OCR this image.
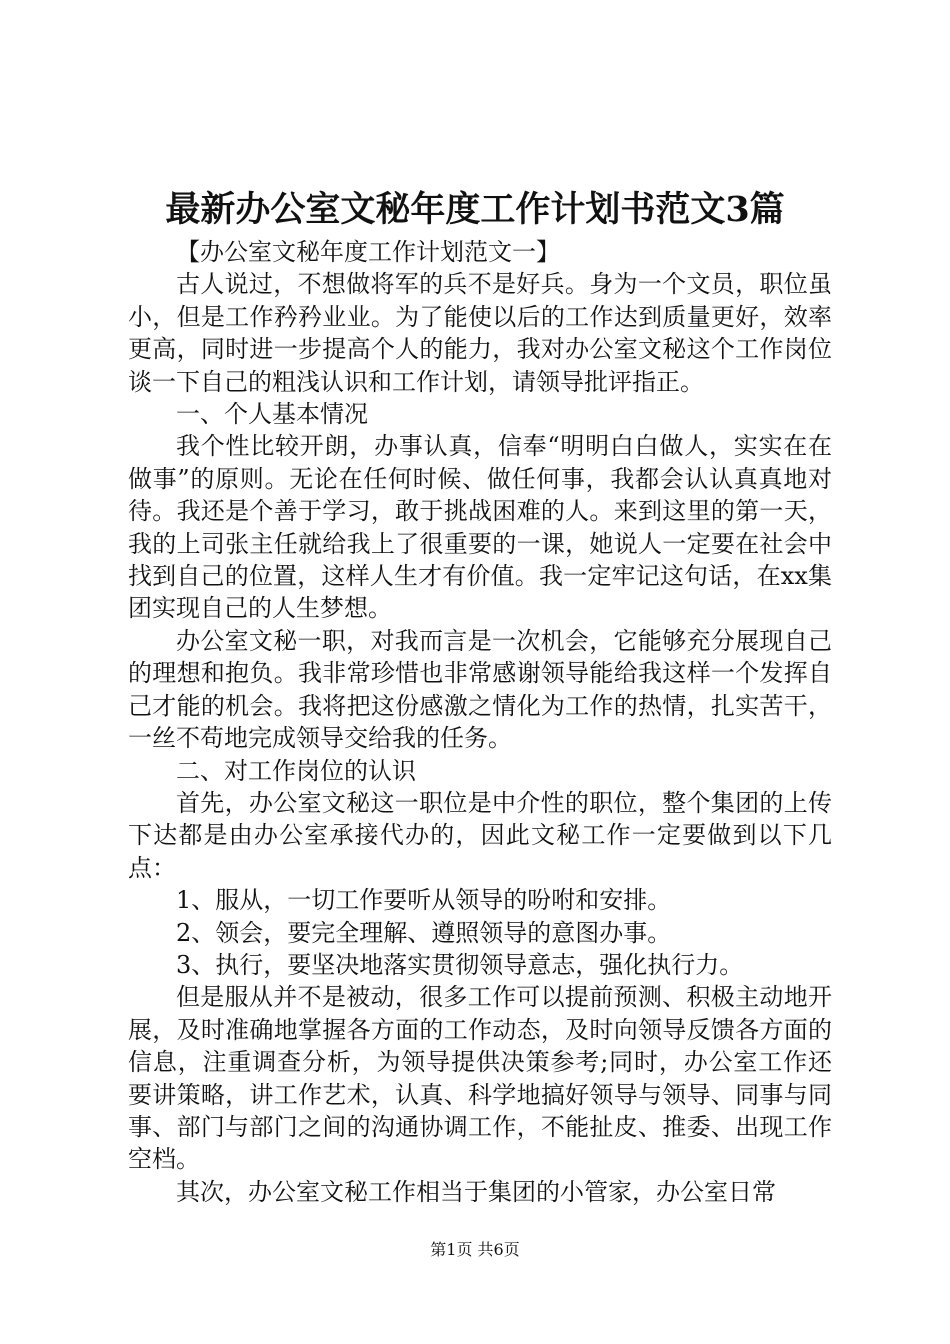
最新办公室文秘年度工作计划书范文3篇

【办公室文秘年度工作计划范文一】

古人说过，不想做将军的兵不是好兵。身为一个文员，职位虽小，但是工作矜矜业业。为了能使以后的工作达到质量更好，效率更高，同时进一步提高个人的能力，我对办公室文秘这个工作岗位谈一下自己的粗浅认识和工作计划，请领导批评指正。

一、个人基本情况

我个性比较开朗，办事认真，信奉“明明白白做人，实实在在做事”的原则。无论在任何时候、做任何事，我都会认认真真地对待。我还是个善于学习，敢于挑战困难的人。来到这里的第一天，我的上司张主任就给我上了很重要的一课，她说人一定要在社会中找到自己的位置，这样人生才有价值。我一定牢记这句话，在xx集团实现自己的人生梦想。

办公室文秘一职，对我而言是一次机会，它能够充分展现自己的理想和抱负。我非常珍惜也非常感谢领导能给我这样一个发挥自己才能的机会。我将把这份感激之情化为工作的热情，扎实苦干，一丝不苟地完成领导交给我的任务。

二、对工作岗位的认识

首先，办公室文秘这一职位是中介性的职位，整个集团的上传下达都是由办公室承接代办的，因此文秘工作一定要做到以下几点：

1、服从，一切工作要听从领导的吩咐和安排。

2、领会，要完全理解、遵照领导的意图办事。

3、执行，要坚决地落实贯彻领导意志，强化执行力。

但是服从并不是被动，很多工作可以提前预测、积极主动地开展，及时准确地掌握各方面的工作动态，及时向领导反馈各方面的信息，注重调查分析，为领导提供决策参考;同时，办公室工作还要讲策略，讲工作艺术，认真、科学地搞好领导与领导、同事与同事、部门与部门之间的沟通协调工作，不能扯皮、推委、出现工作空档。

其次，办公室文秘工作相当于集团的小管家，办公室日常

第1页 共6页
